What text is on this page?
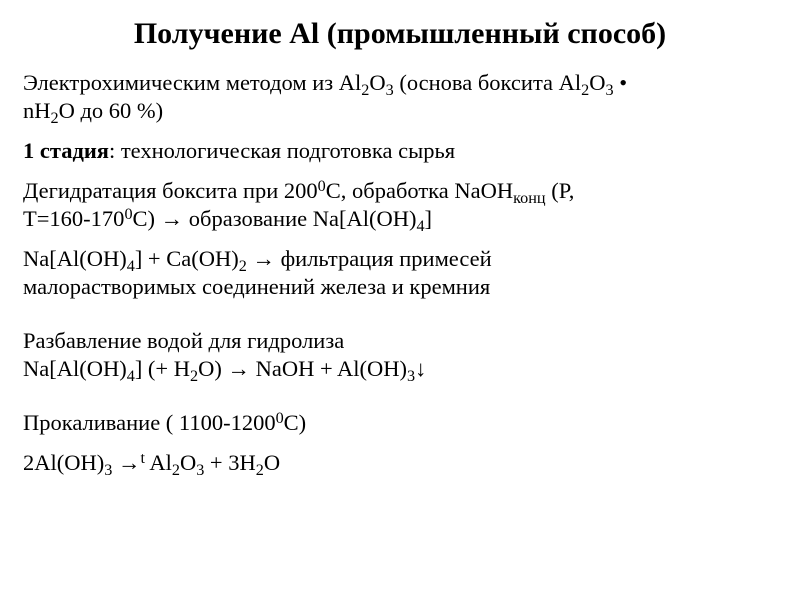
Получение Al (промышленный способ)
Электрохимическим методом из $Al_2O_3$ (основа боксита $Al_2O_3$ •
$nH_2O$ до 60 %)
1 стадия: технологическая подготовка сырья
Дегидратация боксита при $200^0С$, обработка NaOH$_{конц}$ (P,
$T=160-170^0C$) → образование $Na[Al(OH)_4]$
$Na[Al(OH)_4] + Ca(OH)_2$ → фильтрация примесей
малорастворимых соединений железа и кремния
Разбавление водой для гидролиза
$Na[Al(OH)_4]$ (+ $H_2O$) → NaOH + $Al(OH)_3↓$
Прокаливание ( 1100-1200$^0$C)
$2Al(OH)_3 \to^t$ $Al_2O_3 + 3H_2O$
